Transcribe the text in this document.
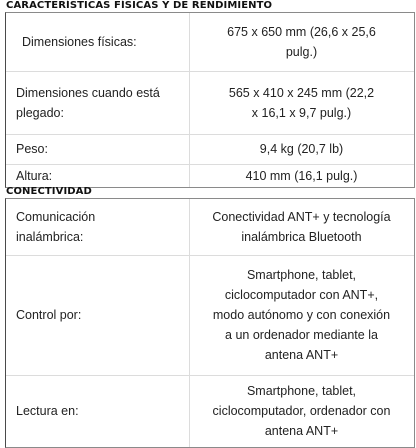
CARACTERÍSTICAS FÍSICAS Y DE RENDIMIENTO
Dimensiones físicas:
675 x 650 mm (26,6 x 25,6
pulg.)
Dimensiones cuando está
plegado:
565 x 410 x 245 mm (22,2
x 16,1 x 9,7 pulg.)
Peso:	9,4 kg (20,7 lb)
Altura:	410 mm (16,1 pulg.)
CONECTIVIDAD
Comunicación
inalámbrica:
Conectividad ANT+ y tecnología
inalámbrica Bluetooth
Control por:
Smartphone, tablet,
ciclocomputador con ANT+,
modo autónomo y con conexión
a un ordenador mediante la
antena ANT+
Lectura en:
Smartphone, tablet,
ciclocomputador, ordenador con
antena ANT+
